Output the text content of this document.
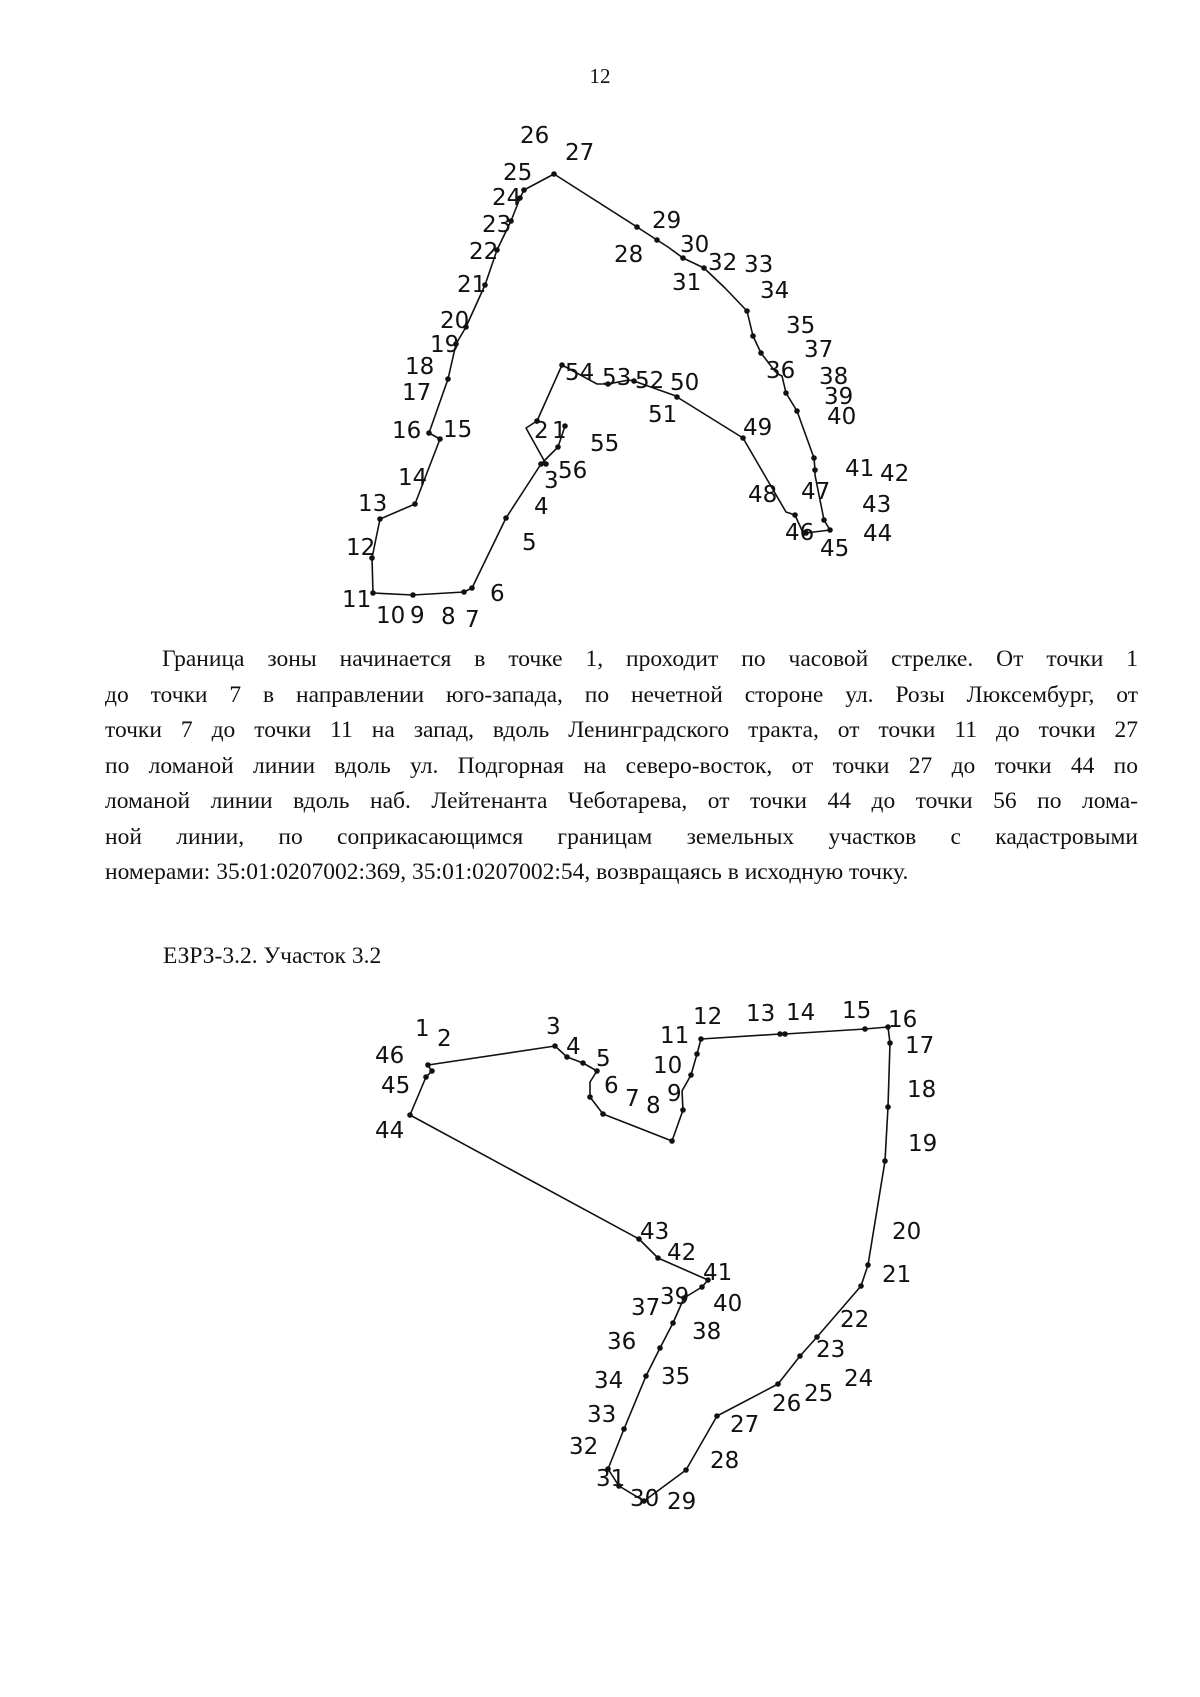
12
26
27
25
24
23
22
21
20
19
18
17
16 15
14
13
12
11
10 9 8 7
6
5
4
3 56
2 1 55
54 53 52 50
51	49
48 47
46
45
44
43
42
41
40
39
38
37
36
35
34
33
32
31
30
29
28

Граница зоны начинается в точке 1, проходит по часовой стрелке. От точки 1
до точки 7 в направлении юго-запада, по нечетной стороне ул. Розы Люксембург, от
точки 7 до точки 11 на запад, вдоль Ленинградского тракта, от точки 11 до точки 27
по ломаной линии вдоль ул. Подгорная на северо-восток, от точки 27 до точки 44 по
ломаной линии вдоль наб. Лейтенанта Чеботарева, от точки 44 до точки 56 по лома-
ной линии, по соприкасающимся границам земельных участков с кадастровыми
номерами: 35:01:0207002:369, 35:01:0207002:54, возвращаясь в исходную точку.

ЕЗРЗ-3.2. Участок 3.2
1 2
46
45
44
3
4 5
6 7 8 9
10
11
12 13 14 15 16
17
18
19
20
21
22
23
24
25
26
27
28
29
30
31
32
33
34 35
36 38
37 39 40
41
42
43
